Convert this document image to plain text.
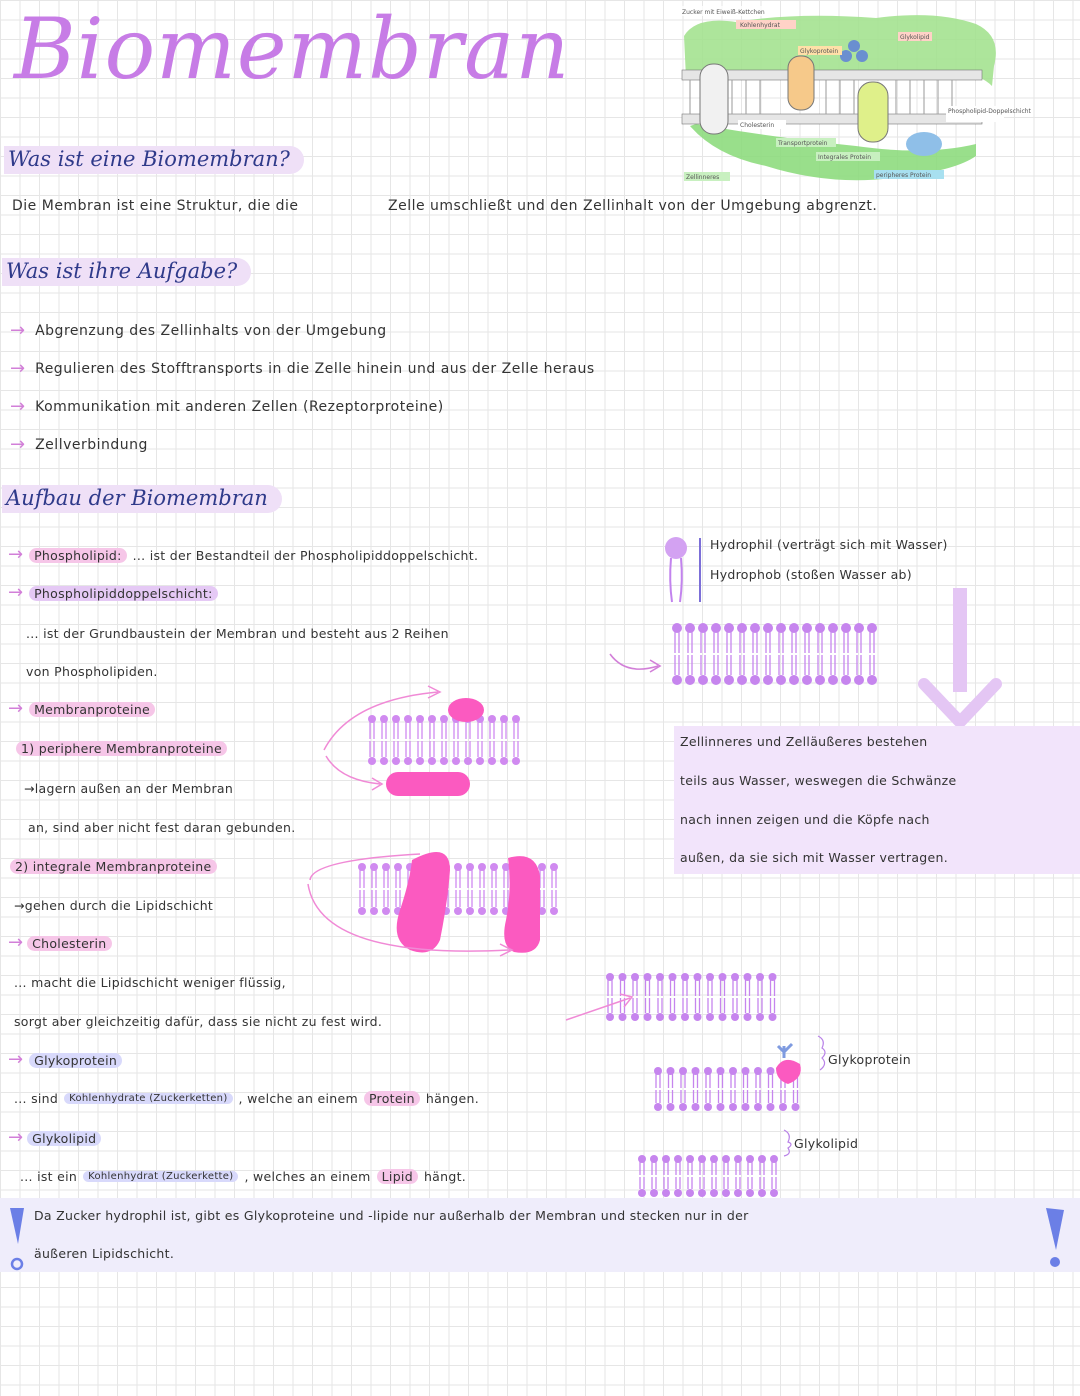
Biomembran	Zucker mit Eiweiß-Kettchen
Kohlenhydrat
Glykoprotein
Glykolipid
Phospholipid-Doppelschicht
Cholesterin
Transportprotein
Integrales Protein
Zellinneres	peripheres Protein
Was ist eine Biomembran?
Die Membran ist eine Struktur, die die	Zelle umschließt und den Zellinhalt von der Umgebung abgrenzt.
Was ist ihre Aufgabe?
→ Abgrenzung des Zellinhalts von der Umgebung
→ Regulieren des Stofftransports in die Zelle hinein und aus der Zelle heraus
→ Kommunikation mit anderen Zellen (Rezeptorproteine)
→ Zellverbindung
Aufbau der Biomembran
→ Phospholipid: ... ist der Bestandteil der Phospholipiddoppelschicht.
→ Phospholipiddoppelschicht:
... ist der Grundbaustein der Membran und besteht aus 2 Reihen
von Phospholipiden.
Hydrophil (verträgt sich mit Wasser)
Hydrophob (stoßen Wasser ab)
Zellinneres und Zelläußeres bestehen
teils aus Wasser, weswegen die Schwänze
nach innen zeigen und die Köpfe nach
außen, da sie sich mit Wasser vertragen.
→ Membranproteine
1) periphere Membranproteine
→lagern außen an der Membran
an, sind aber nicht fest daran gebunden.
2) integrale Membranproteine
→gehen durch die Lipidschicht
→ Cholesterin
... macht die Lipidschicht weniger flüssig,
sorgt aber gleichzeitig dafür, dass sie nicht zu fest wird.
→ Glykoprotein
... sind	Kohlenhydrate (Zuckerketten) , welche an einem Protein hängen.
Glykoprotein
→ Glykolipid
... ist ein	Kohlenhydrat (Zuckerkette) , welches an einem Lipid hängt.
Glykolipid
Da Zucker hydrophil ist, gibt es Glykoproteine und -lipide nur außerhalb der Membran und stecken nur in der
äußeren Lipidschicht.
